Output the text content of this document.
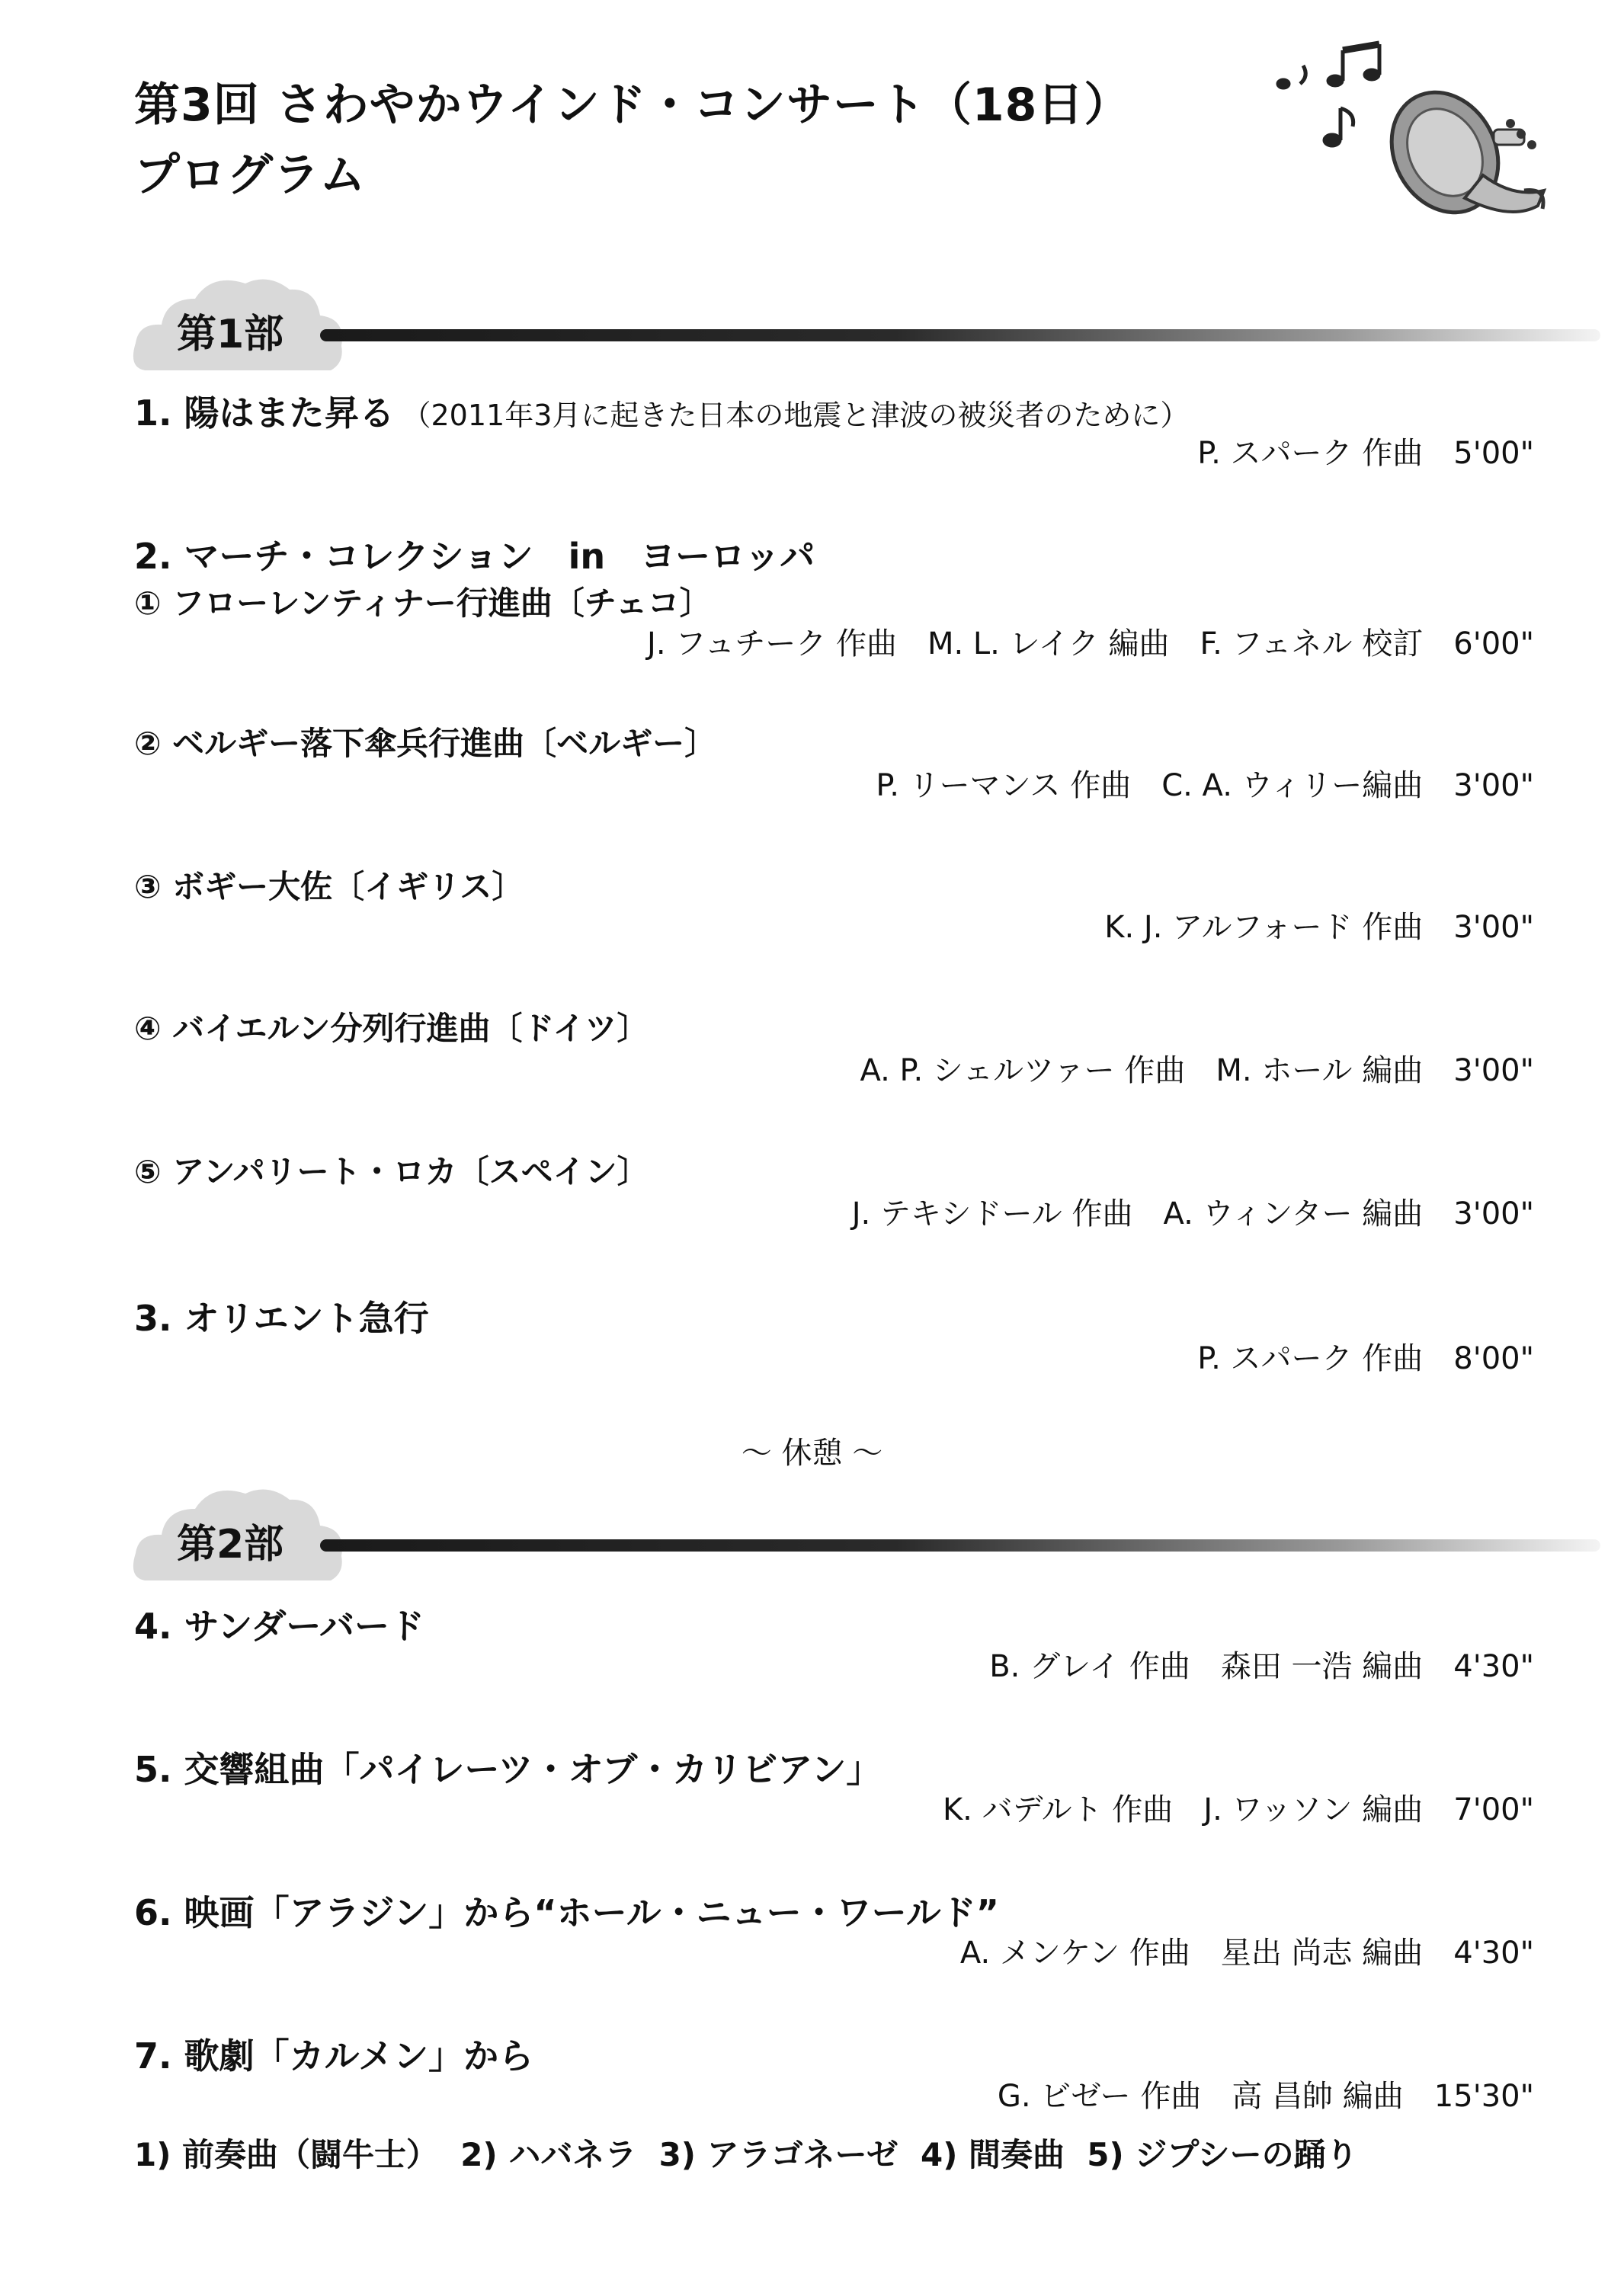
第3回 さわやかウインド・コンサート（18日）
プログラム
第1部
1. 陽はまた昇る （2011年3月に起きた日本の地震と津波の被災者のために）
P. スパーク 作曲　5'00"
2. マーチ・コレクション　in　ヨーロッパ
① フローレンティナー行進曲〔チェコ〕
J. フュチーク 作曲　M. L. レイク 編曲　F. フェネル 校訂　6'00"
② ベルギー落下傘兵行進曲〔ベルギー〕
P. リーマンス 作曲　C. A. ウィリー編曲　3'00"
③ ボギー大佐〔イギリス〕
K. J. アルフォード 作曲　3'00"
④ バイエルン分列行進曲〔ドイツ〕
A. P. シェルツァー 作曲　M. ホール 編曲　3'00"
⑤ アンパリート・ロカ〔スペイン〕
J. テキシドール 作曲　A. ウィンター 編曲　3'00"
3. オリエント急行
P. スパーク 作曲　8'00"
～ 休憩 ～
第2部
4. サンダーバード
B. グレイ 作曲　森田 一浩 編曲　4'30"
5. 交響組曲「パイレーツ・オブ・カリビアン」
K. バデルト 作曲　J. ワッソン 編曲　7'00"
6. 映画「アラジン」から“ホール・ニュー・ワールド”
A. メンケン 作曲　星出 尚志 編曲　4'30"
7. 歌劇「カルメン」から
G. ビゼー 作曲　高 昌帥 編曲　15'30"
1) 前奏曲（闘牛士）  2) ハバネラ  3) アラゴネーゼ  4) 間奏曲  5) ジプシーの踊り
